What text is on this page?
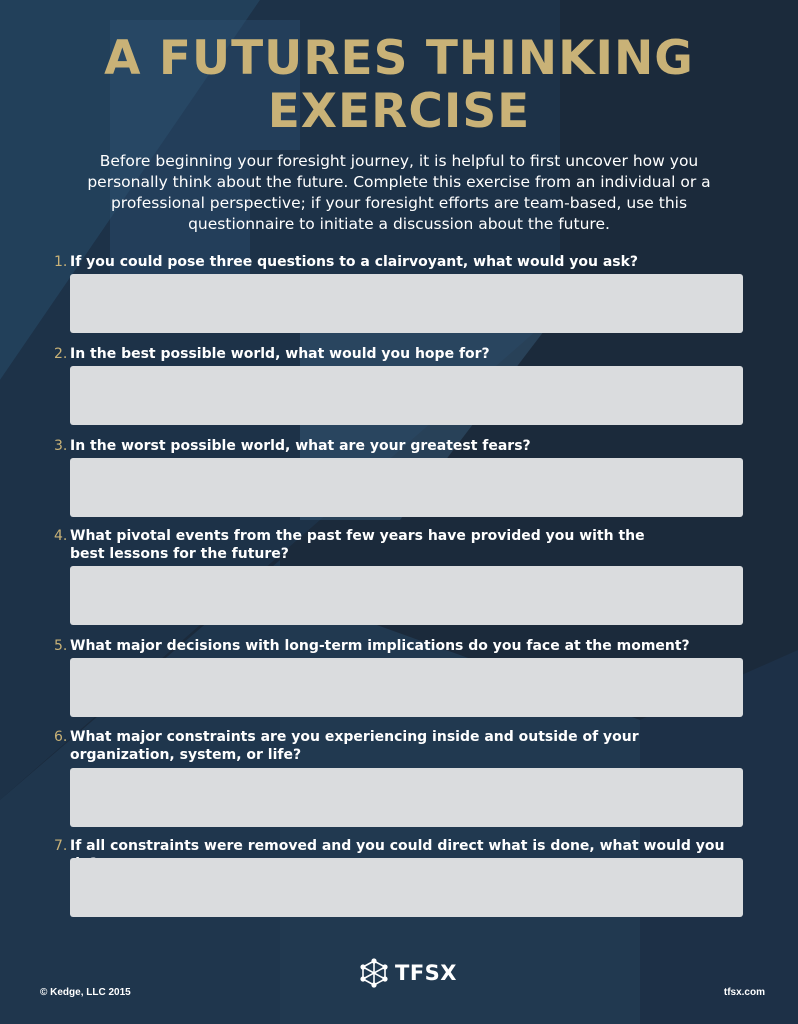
A FUTURES THINKING
EXERCISE

Before beginning your foresight journey, it is helpful to first uncover how you personally think about the future. Complete this exercise from an individual or a professional perspective; if your foresight efforts are team-based, use this questionnaire to initiate a discussion about the future.

1. If you could pose three questions to a clairvoyant, what would you ask?
2. In the best possible world, what would you hope for?
3. In the worst possible world, what are your greatest fears?
4. What pivotal events from the past few years have provided you with the
best lessons for the future?
5. What major decisions with long-term implications do you face at the moment?
6. What major constraints are you experiencing inside and outside of your
organization, system, or life?
7. If all constraints were removed and you could direct what is done, what would you
© Kedge, LLC 2015
TFSX
tfsx.com
